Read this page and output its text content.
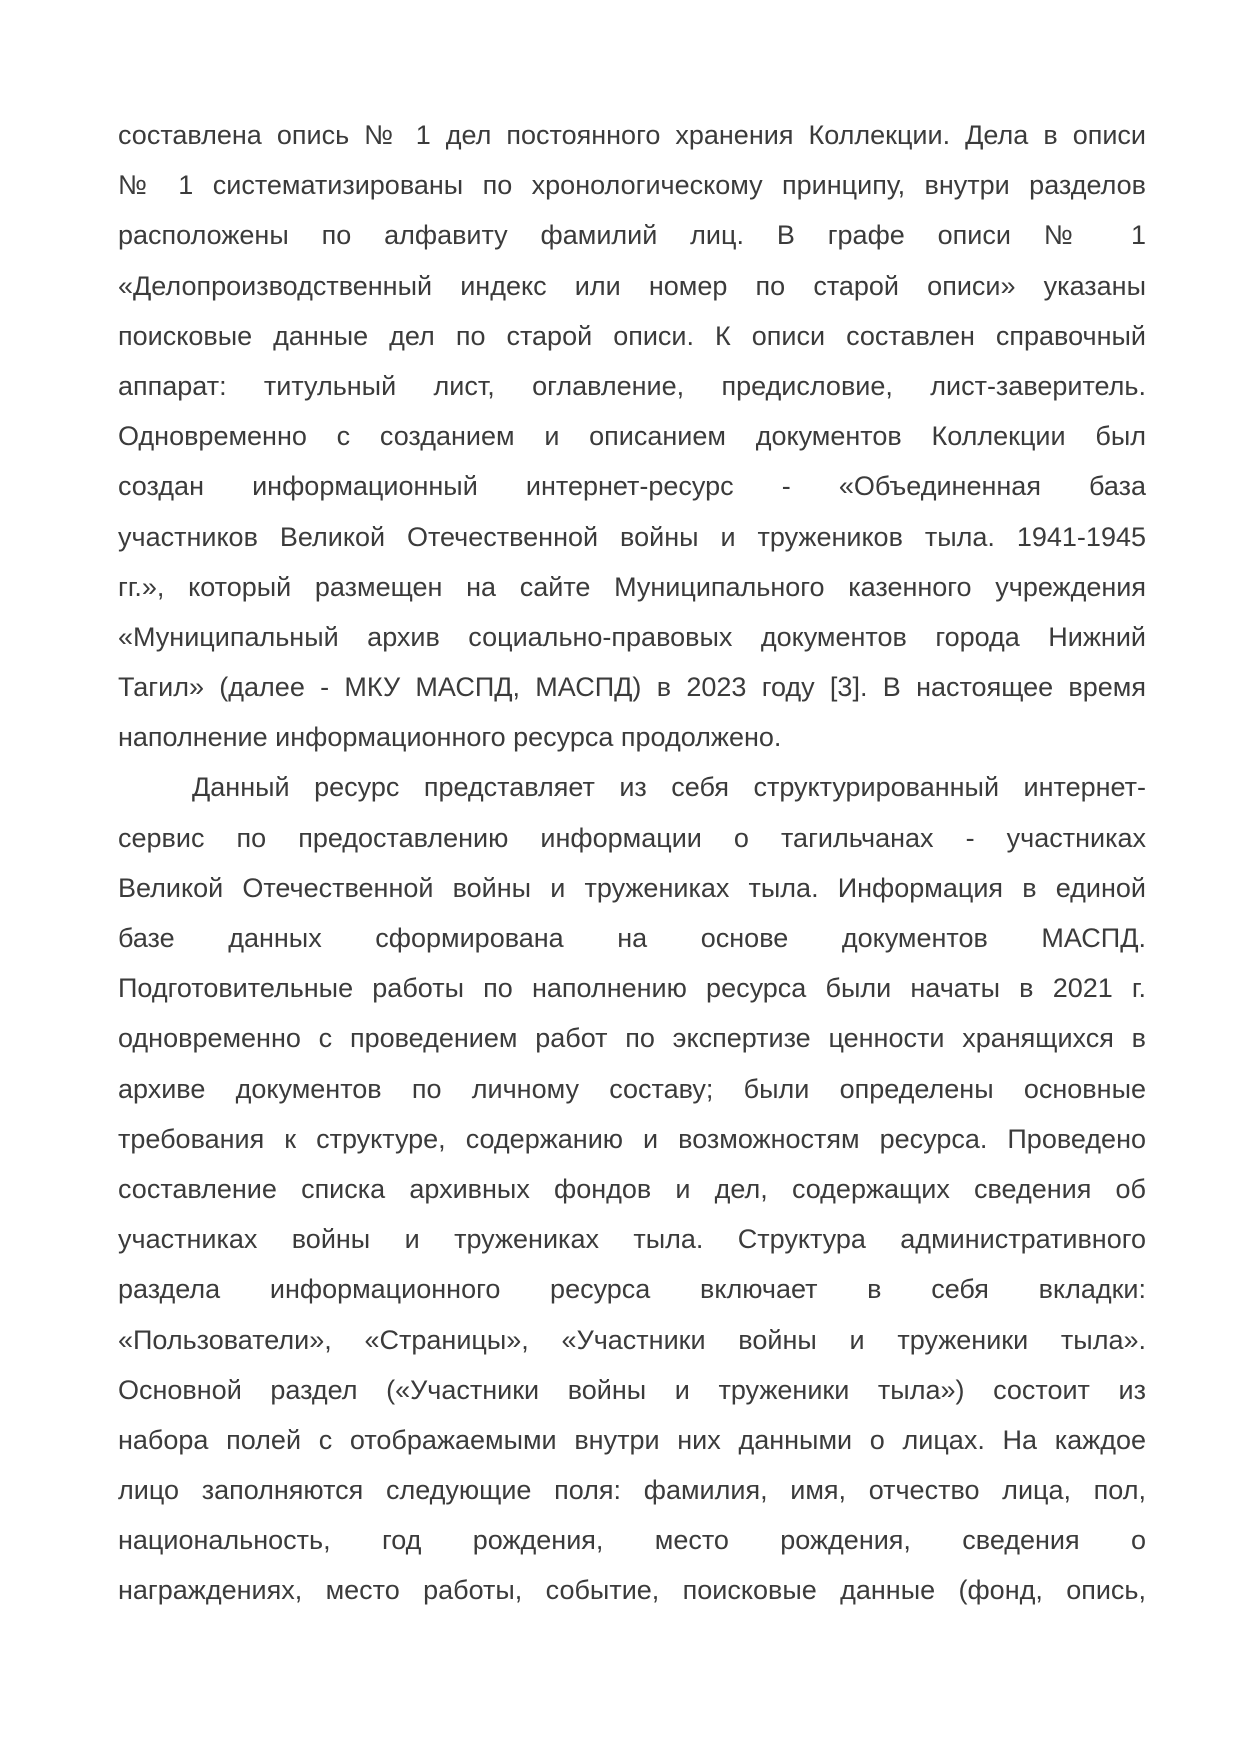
составлена опись № 1 дел постоянного хранения Коллекции. Дела в описи
№ 1 систематизированы по хронологическому принципу, внутри разделов
расположены по алфавиту фамилий лиц. В графе описи № 1
«Делопроизводственный индекс или номер по старой описи» указаны
поисковые данные дел по старой описи. К описи составлен справочный
аппарат: титульный лист, оглавление, предисловие, лист-заверитель.
Одновременно с созданием и описанием документов Коллекции был
создан информационный интернет-ресурс - «Объединенная база
участников Великой Отечественной войны и тружеников тыла. 1941-1945
гг.», который размещен на сайте Муниципального казенного учреждения
«Муниципальный архив социально-правовых документов города Нижний
Тагил» (далее - МКУ МАСПД, МАСПД) в 2023 году [3]. В настоящее время
наполнение информационного ресурса продолжено.
Данный ресурс представляет из себя структурированный интернет-
сервис по предоставлению информации о тагильчанах - участниках
Великой Отечественной войны и тружениках тыла. Информация в единой
базе данных сформирована на основе документов МАСПД.
Подготовительные работы по наполнению ресурса были начаты в 2021 г.
одновременно с проведением работ по экспертизе ценности хранящихся в
архиве документов по личному составу; были определены основные
требования к структуре, содержанию и возможностям ресурса. Проведено
составление списка архивных фондов и дел, содержащих сведения об
участниках войны и тружениках тыла. Структура административного
раздела информационного ресурса включает в себя вкладки:
«Пользователи», «Страницы», «Участники войны и труженики тыла».
Основной раздел («Участники войны и труженики тыла») состоит из
набора полей с отображаемыми внутри них данными о лицах. На каждое
лицо заполняются следующие поля: фамилия, имя, отчество лица, пол,
национальность, год рождения, место рождения, сведения о
награждениях, место работы, событие, поисковые данные (фонд, опись,
